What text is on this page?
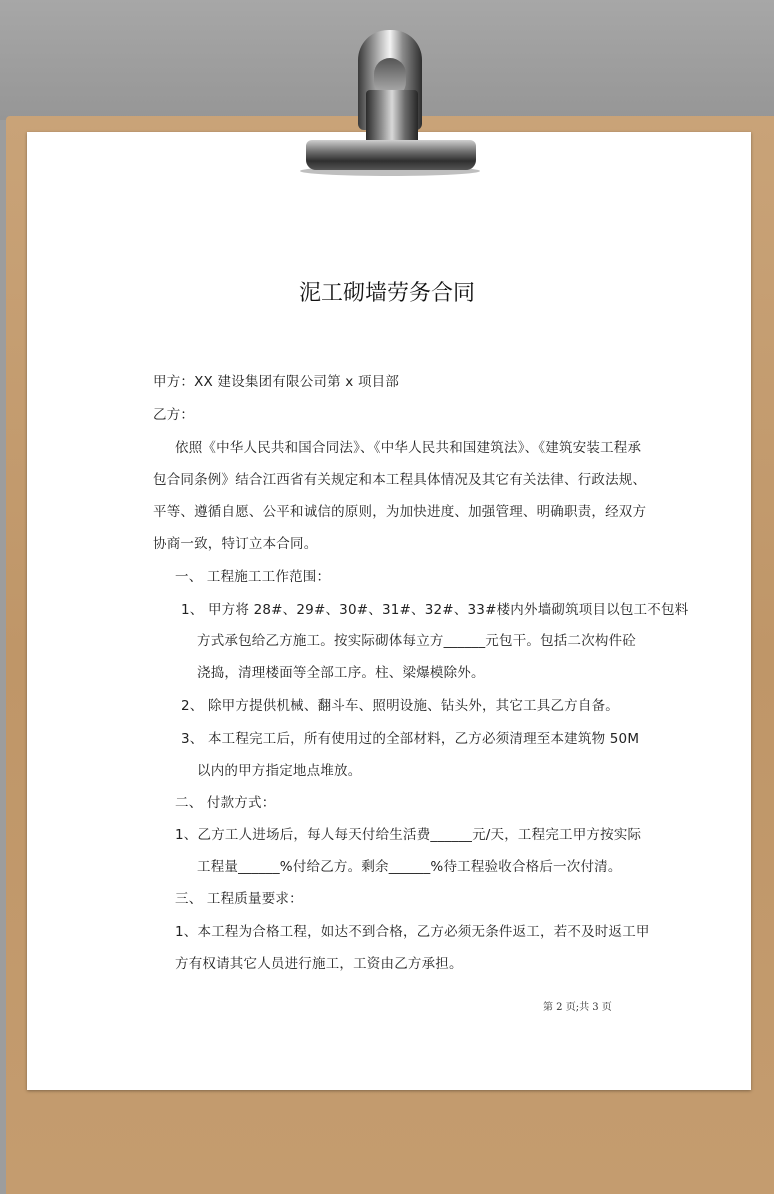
泥工砌墙劳务合同
甲方：XX 建设集团有限公司第 x 项目部
乙方：
依照《中华人民共和国合同法》、《中华人民共和国建筑法》、《建筑安装工程承
包合同条例》结合江西省有关规定和本工程具体情况及其它有关法律、行政法规、
平等、遵循自愿、公平和诚信的原则，为加快进度、加强管理、明确职责，经双方
协商一致，特订立本合同。
一、 工程施工工作范围：
1、 甲方将 28#、29#、30#、31#、32#、33#楼内外墙砌筑项目以包工不包料
方式承包给乙方施工。按实际砌体每立方______元包干。包括二次构件砼
浇捣，清理楼面等全部工序。柱、梁爆模除外。
2、 除甲方提供机械、翻斗车、照明设施、钻头外，其它工具乙方自备。
3、 本工程完工后，所有使用过的全部材料，乙方必须清理至本建筑物 50M
以内的甲方指定地点堆放。
二、 付款方式：
1、乙方工人进场后，每人每天付给生活费______元/天，工程完工甲方按实际
工程量______%付给乙方。剩余______%待工程验收合格后一次付清。
三、 工程质量要求：
1、本工程为合格工程，如达不到合格，乙方必须无条件返工，若不及时返工甲
方有权请其它人员进行施工，工资由乙方承担。
第 2 页;共 3 页
